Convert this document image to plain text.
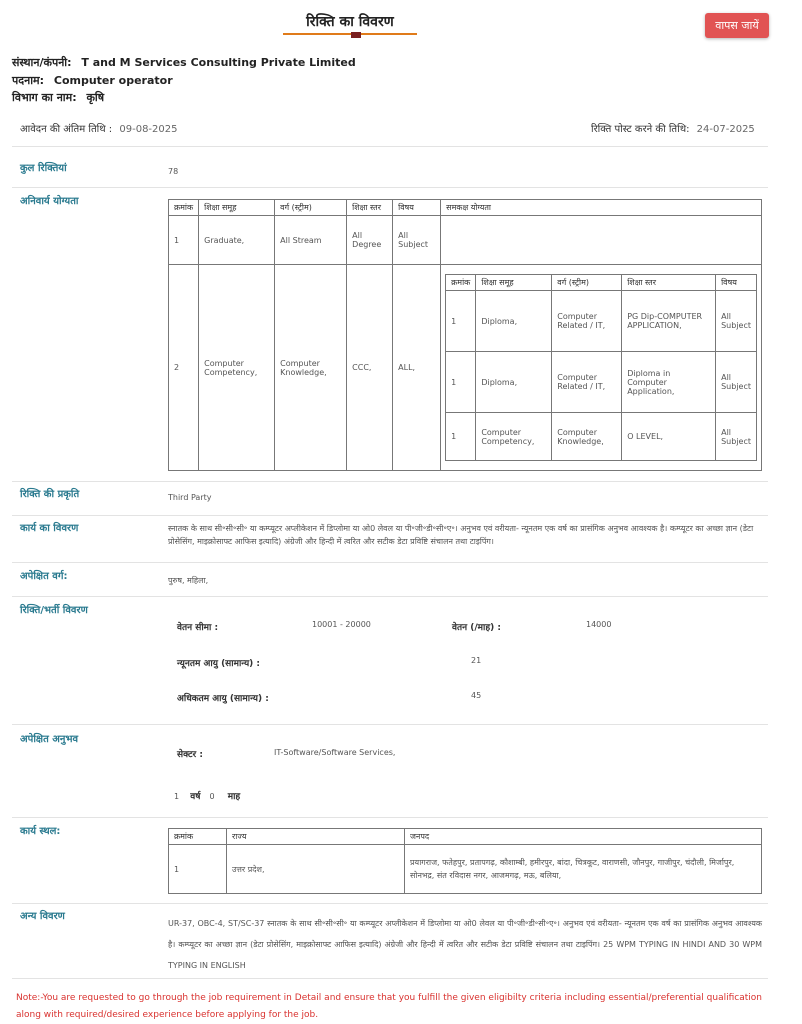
रिक्ति का विवरण	वापस जायें
संस्थान/कंपनी: T and M Services Consulting Private Limited
पदनाम: Computer operator
विभाग का नाम: कृषि
आवेदन की अंतिम तिथि : 09-08-2025	रिक्ति पोस्ट करने की तिथि: 24-07-2025
कुल रिक्तियां	78
अनिवार्य योग्यता
क्रमांक	शिक्षा समूह	वर्ग (स्ट्रीम)	शिक्षा स्तर	विषय	समकक्ष योग्यता
1	Graduate,	All Stream	All Degree	All Subject	
2	Computer Competency,	Computer Knowledge,	CCC,	ALL,	
क्रमांक	शिक्षा समूह	वर्ग (स्ट्रीम)	शिक्षा स्तर	विषय
1	Diploma,	Computer Related / IT,	PG Dip-COMPUTER APPLICATION,	All Subject
1	Diploma,	Computer Related / IT,	Diploma in Computer Application,	All Subject
1	Computer Competency,	Computer Knowledge,	O LEVEL,	All Subject
रिक्ति की प्रकृति	Third Party
कार्य का विवरण	स्नातक के साथ सी॰सी॰सी॰ या कम्प्यूटर अप्लीकेशन में डिप्लोमा या ओ0 लेवल या पी॰जी॰डी॰सी॰ए॰। अनुभव एवं वरीयता- न्यूनतम एक वर्ष का प्रासंगिक अनुभव आवश्यक है। कम्प्यूटर का अच्छा ज्ञान (डेटा प्रोसेसिंग, माइक्रोसाफ्ट आफिस इत्यादि) अंग्रेजी और हिन्दी में त्वरित और सटीक डेटा प्रविष्टि संचालन तथा टाइपिंग।
अपेक्षित वर्ग:	पुरुष, महिला,
रिक्ति/भर्ती विवरण
वेतन सीमा :	10001 - 20000	वेतन (/माह) :	14000
न्यूनतम आयु (सामान्य) :	21
अधिकतम आयु (सामान्य) :	45
अपेक्षित अनुभव
सेक्टर :	IT-Software/Software Services,
1 वर्ष 0 माह
कार्य स्थल:	क्रमांक	राज्य	जनपद
1	उत्तर प्रदेश,	प्रयागराज, फतेहपुर, प्रतापगढ़, कौशाम्बी, हमीरपुर, बांदा, चित्रकूट, वाराणसी, जौनपुर, गाजीपुर, चंदौली, मिर्जापुर, सोनभद्र, संत रविदास नगर, आजमगढ़, मऊ, बलिया,
अन्य विवरण
UR-37, OBC-4, ST/SC-37 स्नातक के साथ सी॰सी॰सी॰ या कम्प्यूटर अप्लीकेशन में डिप्लोमा या ओ0 लेवल या पी॰जी॰डी॰सी॰ए॰। अनुभव एवं वरीयता- न्यूनतम एक वर्ष का प्रासंगिक अनुभव आवश्यक है। कम्प्यूटर का अच्छा ज्ञान (डेटा प्रोसेसिंग, माइक्रोसाफ्ट आफिस इत्यादि) अंग्रेजी और हिन्दी में त्वरित और सटीक डेटा प्रविष्टि संचालन तथा टाइपिंग। 25 WPM TYPING IN HINDI AND 30 WPM TYPING IN ENGLISH
Note:-You are requested to go through the job requirement in Detail and ensure that you fulfill the given eligibilty criteria including essential/preferential qualification along with required/desired experience before applying for the job.
